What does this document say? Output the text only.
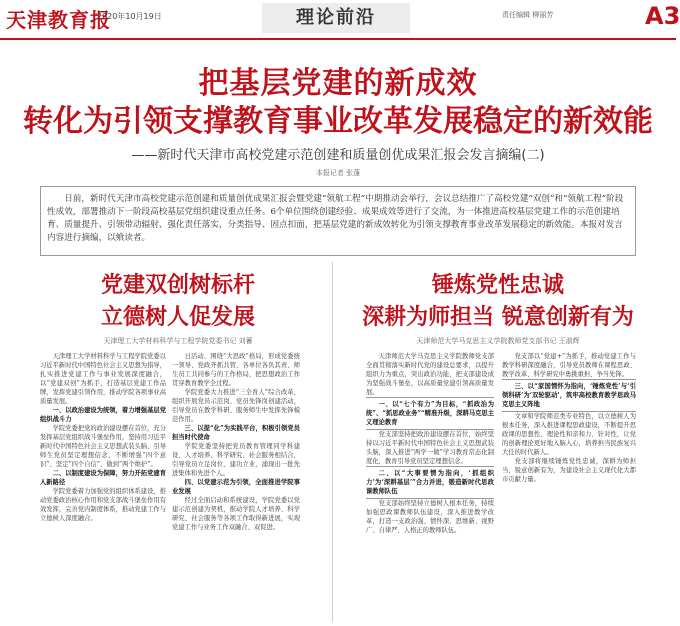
天津教育报
2020年10月19日	理论前沿	责任编辑 柳丽芳	A3
把基层党建的新成效
转化为引领支撑教育事业改革发展稳定的新效能
——新时代天津市高校党建示范创建和质量创优成果汇报会发言摘编(二)
本报记者 张蓬
日前，新时代天津市高校党建示范创建和质量创优成果汇报会暨党建“领航工程”中期推动会举行，会议总结推广了高校党建“双创”和“领航工程”阶段性成效，部署推动下一阶段高校基层党组织建设重点任务。6个单位围绕创建经验、成果成效等进行了交流，为一体推进高校基层党建工作的示范创建培育、质量提升、引领带动辐射、强化责任落实，分类指导、固点扣面，把基层党建的新成效转化为引领支撑教育事业改革发展稳定的新效能。本报对发言内容进行摘编，以飨读者。
党建双创树标杆
立德树人促发展
天津理工大学材料科学与工程学院党委书记 刘蓄

天津理工大学材料科学与工程学院党委以习近平新时代中国特色社会主义思想为指导，扎实推进党建工作与事业发展深度融合，以“党建双创”为抓手，打造基层党建工作品牌，发挥党建引领作用，推动学院各项事业高质量发展。

一、以政治建设为统领，着力增强基层党组织战斗力

学院党委把党的政治建设摆在首位，充分发挥基层党组织战斗堡垒作用，坚持用习近平新时代中国特色社会主义思想武装头脑，引导师生党员坚定理想信念，不断增强“四个意识”、坚定“四个自信”、做到“两个维护”。

二、以制度建设为保障，努力开拓党建育人新路径

学院党委着力加强党的组织体系建设，推动党委政治核心作用和党支部战斗堡垒作用有效发挥，完善党内制度体系，推动党建工作与立德树人深度融合。

日活动、围绕“大思政”格局，形成党委统一领导、党政齐抓共管、各单位各负其责、师生员工共同参与的工作格局，把思想政治工作贯穿教育教学全过程。

学院党委大力推进“三全育人”综合改革，组织开展党员示范岗、党员先锋岗创建活动，引导党员在教学科研、服务师生中发挥先锋模范作用。

三、以提“化”为实践平台，积极引领党员担当时代使命

学院党委坚持把党员教育管理同学科建设、人才培养、科学研究、社会服务相结合，引导党员立足岗位、建功立业，涌现出一批先进集体和先进个人。

四、以党建示范为引领，全面推进学院事业发展

经过全面启动和系统建设，学院党委以党建示范创建为契机，推动学院人才培养、科学研究、社会服务等各项工作取得新进展，实现党建工作与业务工作双融合、双促进。

锤炼党性忠诚
深耕为师担当 锐意创新有为
天津师范大学马克思主义学院教师党支部书记 王淑辉

天津师范大学马克思主义学院教师党支部全面贯彻落实新时代党的建设总要求，以提升组织力为重点，突出政治功能，把支部建设成为坚强战斗堡垒，以高质量党建引领高质量发展。

一、以“七个有力”为目标，“抓政治为统”、“抓思政业务”“精准升级，深耕马克思主义理论教育

党支部坚持把政治建设摆在首位，始终坚持以习近平新时代中国特色社会主义思想武装头脑，深入推进“两学一做”学习教育常态化制度化，教育引导党员坚定理想信念。

二、以“大事要情为指向，‘抓组织力’为‘深耕基层’”合力并进，锻造新时代思政课教师队伍

党支部始终坚持立德树人根本任务，持续加强思政课教师队伍建设，深入推进教学改革，打造一支政治强、情怀深、思维新、视野广、自律严、人格正的教师队伍。

党支部以“党建+”为抓手，推动党建工作与教学科研深度融合，引导党员教师在课程思政、教学改革、科学研究中勇挑重担、争当先锋。

三、以“家国情怀为指向，‘锤炼党性’与‘引领科研’为‘双轮驱动’，筑牢高校教育教学思政马克思主义阵地

文章和学院师范类专业特色，以立德树人为根本任务，深入推进课程思政建设，不断提升思政课的思想性、理论性和亲和力、针对性，让党的创新理论更好地入脑入心，培养担当民族复兴大任的时代新人。

党支部将继续锤炼党性忠诚，深耕为师担当，锐意创新有为，为建设社会主义现代化大都市贡献力量。
